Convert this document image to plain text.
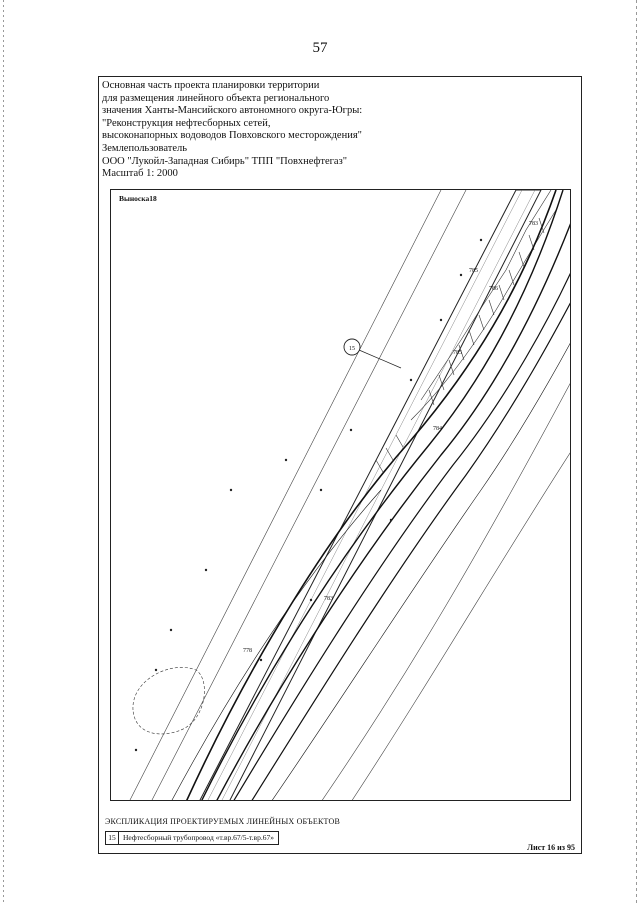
57
Основная часть проекта планировки территории
для размещения линейного объекта регионального
значения Ханты-Мансийского автономного округа-Югры:
"Реконструкция нефтесборных сетей,
высоконапорных водоводов Повховского месторождения"
Землепользователь
ООО "Лукойл-Западная Сибирь" ТПП "Повхнефтегаз"
Масштаб 1: 2000
15
783
785
786
785
784
783
778
Выноска18
ЭКСПЛИКАЦИЯ ПРОЕКТИРУЕМЫХ ЛИНЕЙНЫХ ОБЪЕКТОВ
15 Нефтесборный трубопровод «т.вр.67/5-т.вр.67»
Лист 16 из 95
